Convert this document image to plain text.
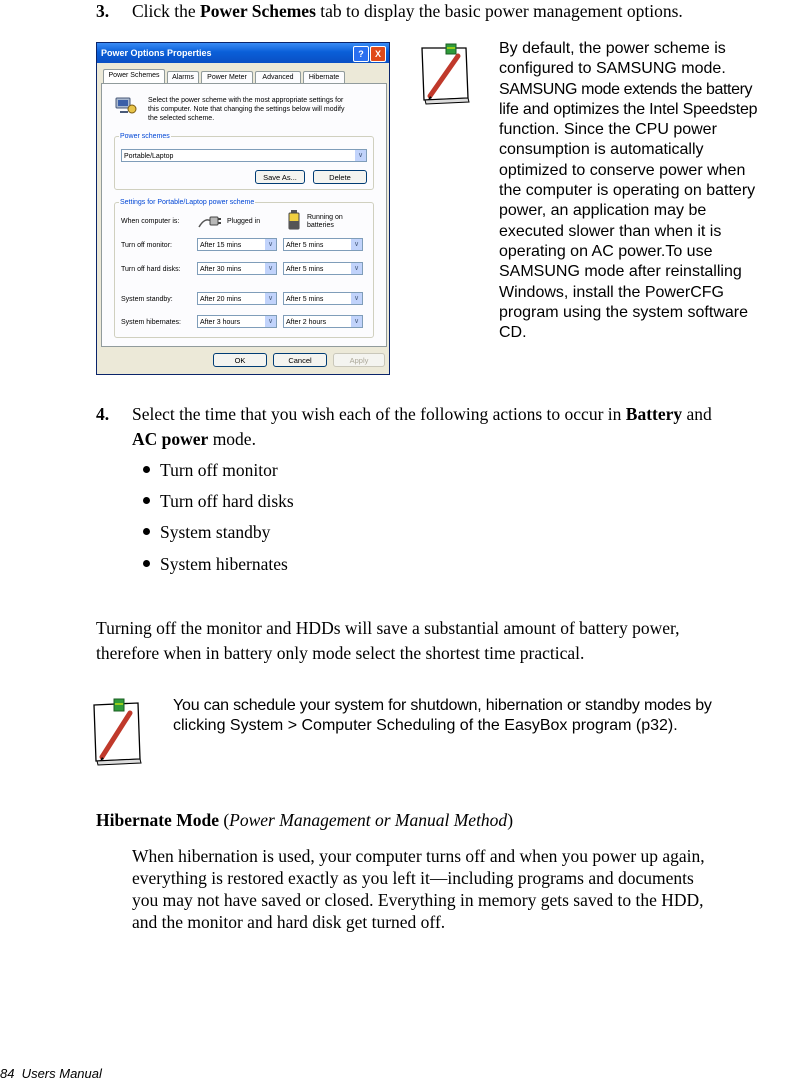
3. Click the Power Schemes tab to display the basic power management options.
Power Options Properties	?	X
Power Schemes	Alarms	Power Meter	Advanced	Hibernate
Select the power scheme with the most appropriate settings for
this computer. Note that changing the settings below will modify
the selected scheme.
Power schemes
Portable/Laptop	∨
Save As...	Delete
Settings for Portable/Laptop power scheme
When computer is:	Plugged in
Running on
batteries
Turn off monitor:	After 15 mins	∨	After 5 mins	∨
Turn off hard disks:	After 30 mins	∨	After 5 mins	∨
System standby:	After 20 mins	∨	After 5 mins	∨
System hibernates:	After 3 hours	∨	After 2 hours	∨
OK	Cancel	Apply
By default, the power scheme is
configured to SAMSUNG mode.
SAMSUNG mode extends the battery
life and optimizes the Intel Speedstep
function. Since the CPU power
consumption is automatically
optimized to conserve power when
the computer is operating on battery
power, an application may be
executed slower than when it is
operating on AC power.To use
SAMSUNG mode after reinstalling
Windows, install the PowerCFG
program using the system software
CD.
4. Select the time that you wish each of the following actions to occur in Battery and
AC power mode.
Turn off monitor
Turn off hard disks
System standby
System hibernates
Turning off the monitor and HDDs will save a substantial amount of battery power,
therefore when in battery only mode select the shortest time practical.
You can schedule your system for shutdown, hibernation or standby modes by
clicking System > Computer Scheduling of the EasyBox program (p32).
Hibernate Mode (Power Management or Manual Method)
When hibernation is used, your computer turns off and when you power up again,
everything is restored exactly as you left it—including programs and documents
you may not have saved or closed. Everything in memory gets saved to the HDD,
and the monitor and hard disk get turned off.
84  Users Manual
